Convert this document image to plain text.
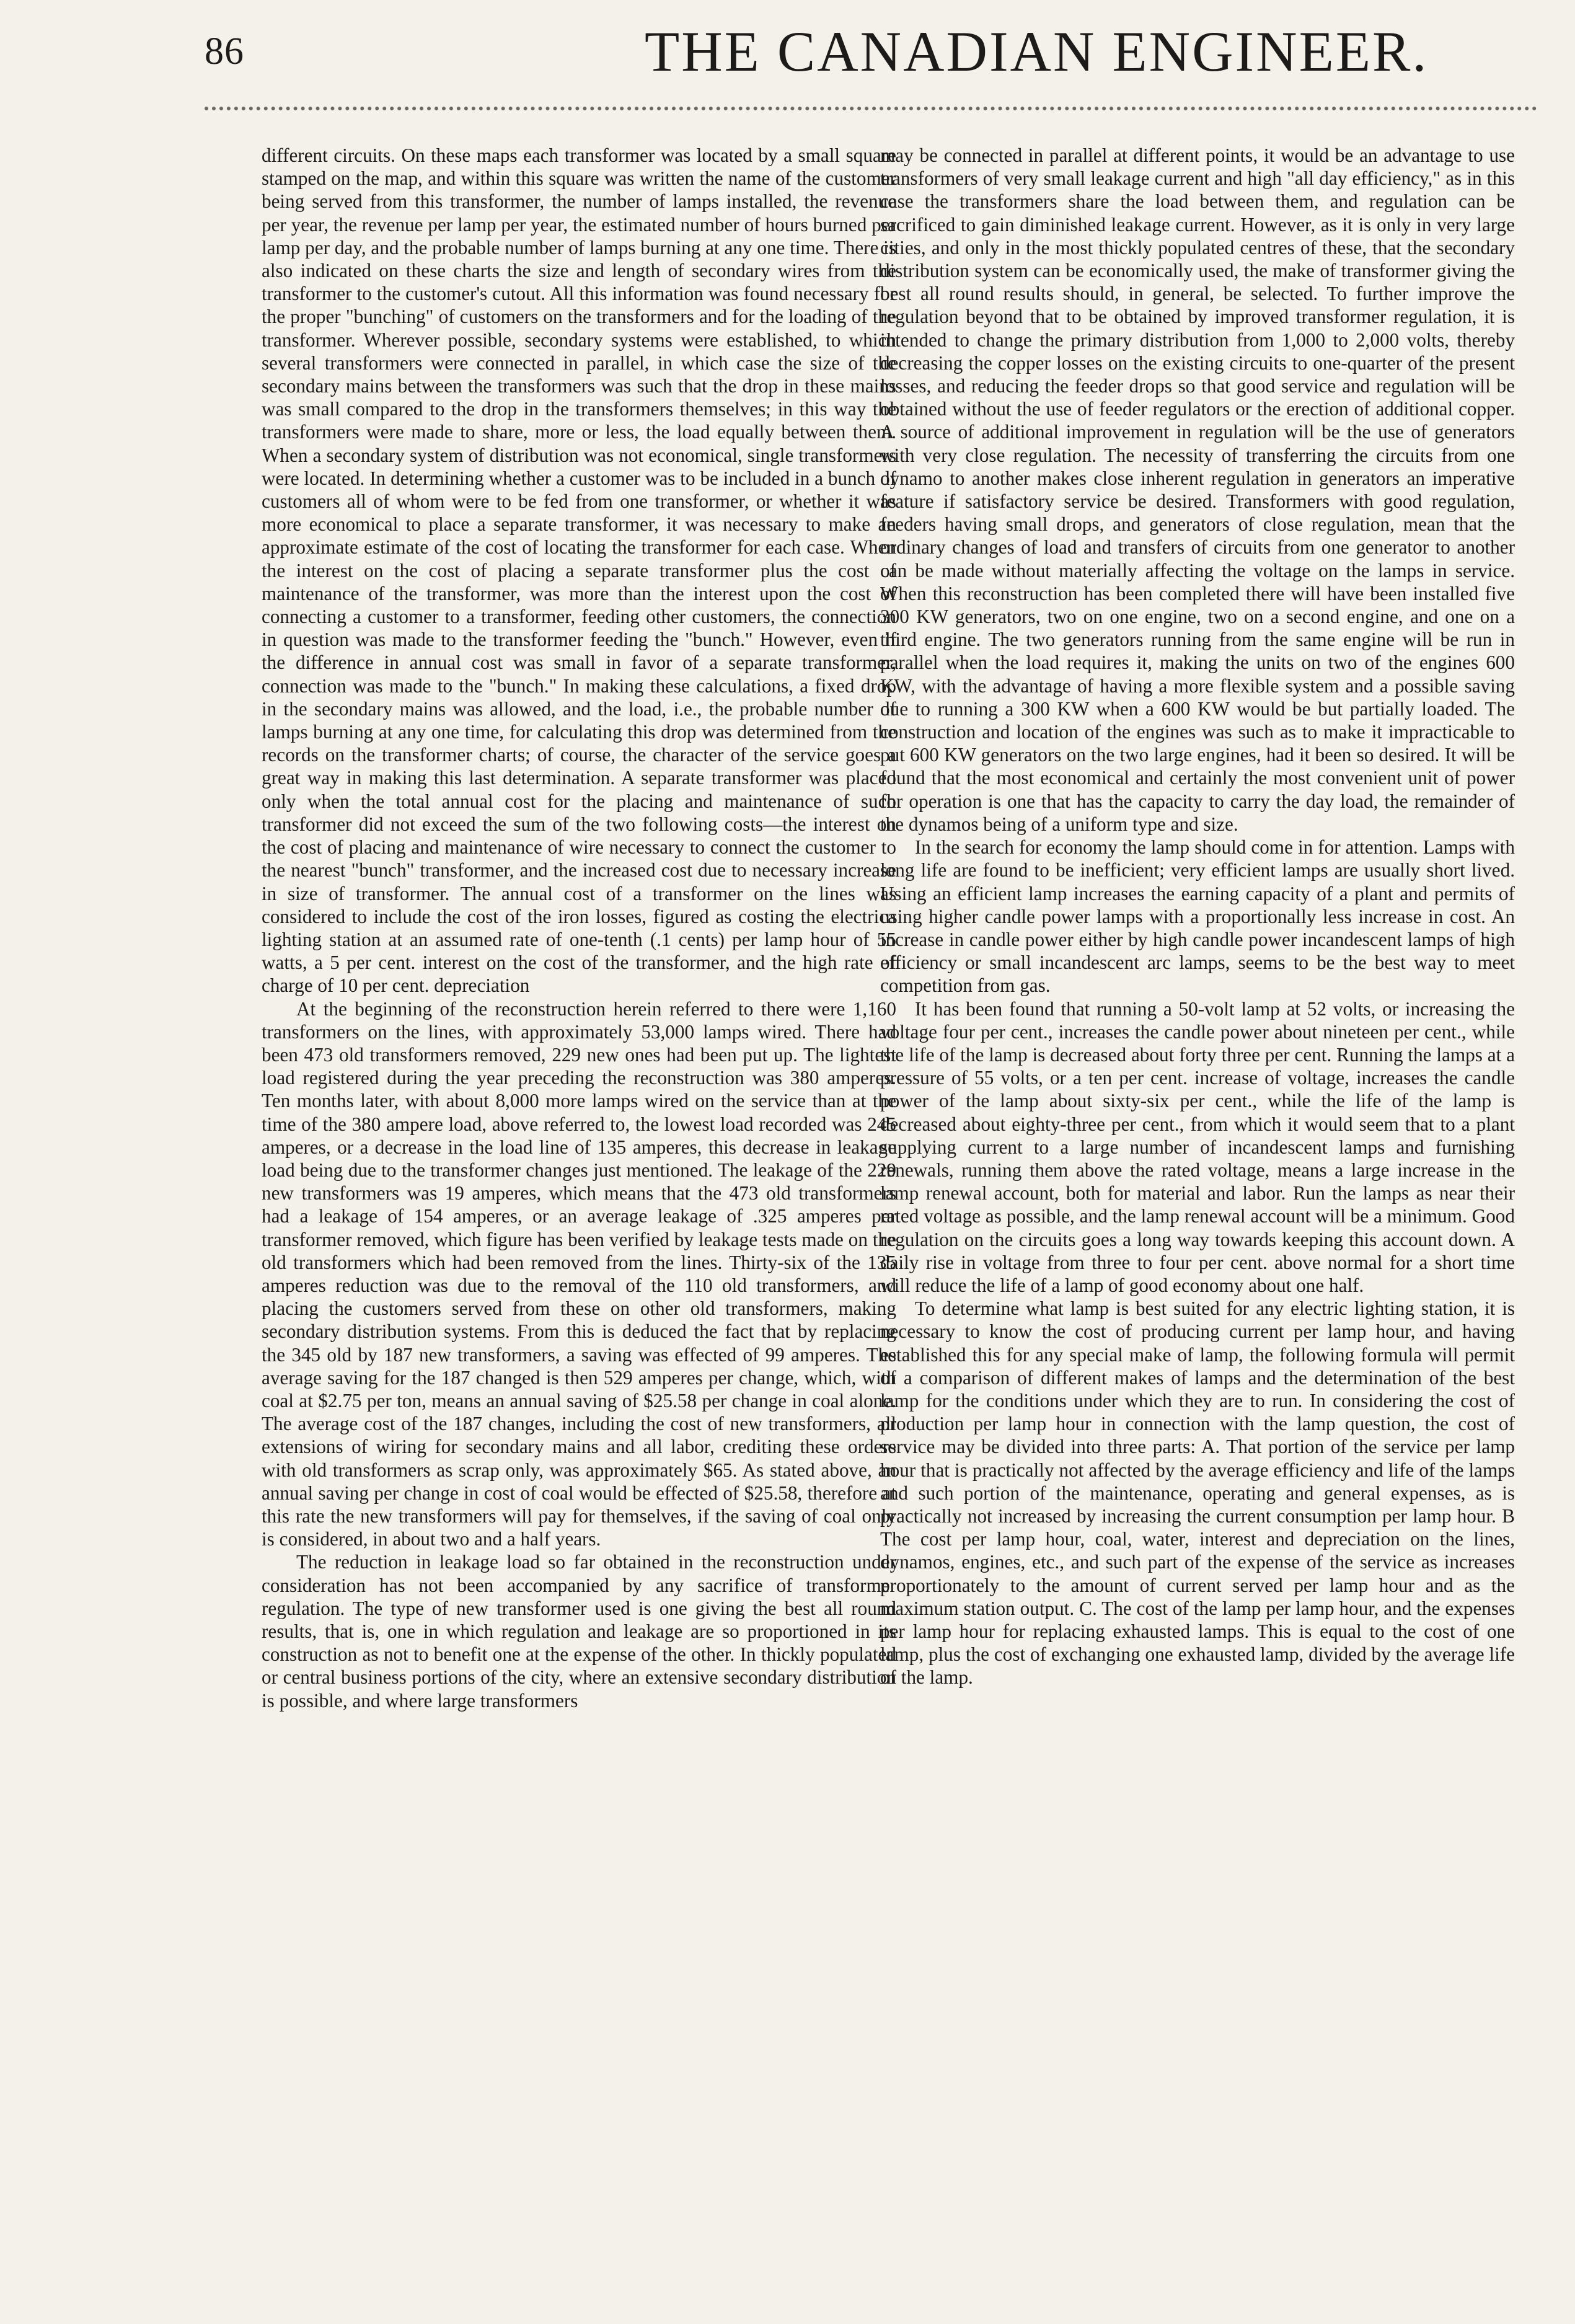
86	THE CANADIAN ENGINEER.

different circuits. On these maps each transformer was located by a small square stamped on the map, and within this square was written the name of the customer being served from this transformer, the number of lamps installed, the revenue per year, the revenue per lamp per year, the estimated number of hours burned per lamp per day, and the probable number of lamps burning at any one time. There is also indicated on these charts the size and length of secondary wires from the transformer to the customer's cutout. All this information was found necessary for the proper "bunching" of customers on the transformers and for the loading of the transformer. Wherever possible, secondary systems were established, to which several transformers were connected in parallel, in which case the size of the secondary mains between the transformers was such that the drop in these mains was small compared to the drop in the transformers themselves; in this way the transformers were made to share, more or less, the load equally between them. When a secondary system of distribution was not economical, single transformers were located. In determining whether a customer was to be included in a bunch of customers all of whom were to be fed from one transformer, or whether it was more economical to place a separate transformer, it was necessary to make an approximate estimate of the cost of locating the transformer for each case. When the interest on the cost of placing a separate transformer plus the cost of maintenance of the transformer, was more than the interest upon the cost of connecting a customer to a transformer, feeding other customers, the connection in question was made to the transformer feeding the "bunch." However, even if the difference in annual cost was small in favor of a separate transformer, connection was made to the "bunch." In making these calculations, a fixed drop in the secondary mains was allowed, and the load, i.e., the probable number of lamps burning at any one time, for calculating this drop was determined from the records on the transformer charts; of course, the character of the service goes a great way in making this last determination. A separate transformer was placed only when the total annual cost for the placing and maintenance of such transformer did not exceed the sum of the two following costs—the interest on the cost of placing and maintenance of wire necessary to connect the customer to the nearest "bunch" transformer, and the increased cost due to necessary increase in size of transformer. The annual cost of a transformer on the lines was considered to include the cost of the iron losses, figured as costing the electrica lighting station at an assumed rate of one-tenth (.1 cents) per lamp hour of 55 watts, a 5 per cent. interest on the cost of the transformer, and the high rate of charge of 10 per cent. depreciation

At the beginning of the reconstruction herein referred to there were 1,160 transformers on the lines, with approximately 53,000 lamps wired. There had been 473 old transformers removed, 229 new ones had been put up. The lightest load registered during the year preceding the reconstruction was 380 amperes. Ten months later, with about 8,000 more lamps wired on the service than at the time of the 380 ampere load, above referred to, the lowest load recorded was 245 amperes, or a decrease in the load line of 135 amperes, this decrease in leakage load being due to the transformer changes just mentioned. The leakage of the 229 new transformers was 19 amperes, which means that the 473 old transformers had a leakage of 154 amperes, or an average leakage of .325 amperes per transformer removed, which figure has been verified by leakage tests made on the old transformers which had been removed from the lines. Thirty-six of the 135 amperes reduction was due to the removal of the 110 old transformers, and placing the customers served from these on other old transformers, making secondary distribution systems. From this is deduced the fact that by replacing the 345 old by 187 new transformers, a saving was effected of 99 amperes. The average saving for the 187 changed is then 529 amperes per change, which, with coal at $2.75 per ton, means an annual saving of $25.58 per change in coal alone. The average cost of the 187 changes, including the cost of new transformers, all extensions of wiring for secondary mains and all labor, crediting these orders with old transformers as scrap only, was approximately $65. As stated above, an annual saving per change in cost of coal would be effected of $25.58, therefore at this rate the new transformers will pay for themselves, if the saving of coal only is considered, in about two and a half years.

The reduction in leakage load so far obtained in the reconstruction under consideration has not been accompanied by any sacrifice of transformer regulation. The type of new transformer used is one giving the best all round results, that is, one in which regulation and leakage are so proportioned in its construction as not to benefit one at the expense of the other. In thickly populated or central business portions of the city, where an extensive secondary distribution is possible, and where large transformers

may be connected in parallel at different points, it would be an advantage to use transformers of very small leakage current and high "all day efficiency," as in this case the transformers share the load between them, and regulation can be sacrificed to gain diminished leakage current. However, as it is only in very large cities, and only in the most thickly populated centres of these, that the secondary distribution system can be economically used, the make of transformer giving the best all round results should, in general, be selected. To further improve the regulation beyond that to be obtained by improved transformer regulation, it is intended to change the primary distribution from 1,000 to 2,000 volts, thereby decreasing the copper losses on the existing circuits to one-quarter of the present losses, and reducing the feeder drops so that good service and regulation will be obtained without the use of feeder regulators or the erection of additional copper. A source of additional improvement in regulation will be the use of generators with very close regulation. The necessity of transferring the circuits from one dynamo to another makes close inherent regulation in generators an imperative feature if satisfactory service be desired. Transformers with good regulation, feeders having small drops, and generators of close regulation, mean that the ordinary changes of load and transfers of circuits from one generator to another can be made without materially affecting the voltage on the lamps in service. When this reconstruction has been completed there will have been installed five 300 KW generators, two on one engine, two on a second engine, and one on a third engine. The two generators running from the same engine will be run in parallel when the load requires it, making the units on two of the engines 600 KW, with the advantage of having a more flexible system and a possible saving due to running a 300 KW when a 600 KW would be but partially loaded. The construction and location of the engines was such as to make it impracticable to put 600 KW generators on the two large engines, had it been so desired. It will be found that the most economical and certainly the most convenient unit of power for operation is one that has the capacity to carry the day load, the remainder of the dynamos being of a uniform type and size.

In the search for economy the lamp should come in for attention. Lamps with long life are found to be inefficient; very efficient lamps are usually short lived. Using an efficient lamp increases the earning capacity of a plant and permits of using higher candle power lamps with a proportionally less increase in cost. An increase in candle power either by high candle power incandescent lamps of high efficiency or small incandescent arc lamps, seems to be the best way to meet competition from gas.

It has been found that running a 50-volt lamp at 52 volts, or increasing the voltage four per cent., increases the candle power about nineteen per cent., while the life of the lamp is decreased about forty three per cent. Running the lamps at a pressure of 55 volts, or a ten per cent. increase of voltage, increases the candle power of the lamp about sixty-six per cent., while the life of the lamp is decreased about eighty-three per cent., from which it would seem that to a plant supplying current to a large number of incandescent lamps and furnishing renewals, running them above the rated voltage, means a large increase in the lamp renewal account, both for material and labor. Run the lamps as near their rated voltage as possible, and the lamp renewal account will be a minimum. Good regulation on the circuits goes a long way towards keeping this account down. A daily rise in voltage from three to four per cent. above normal for a short time will reduce the life of a lamp of good economy about one half.

To determine what lamp is best suited for any electric lighting station, it is necessary to know the cost of producing current per lamp hour, and having established this for any special make of lamp, the following formula will permit of a comparison of different makes of lamps and the determination of the best lamp for the conditions under which they are to run. In considering the cost of production per lamp hour in connection with the lamp question, the cost of service may be divided into three parts: A. That portion of the service per lamp hour that is practically not affected by the average efficiency and life of the lamps and such portion of the maintenance, operating and general expenses, as is practically not increased by increasing the current consumption per lamp hour. B The cost per lamp hour, coal, water, interest and depreciation on the lines, dynamos, engines, etc., and such part of the expense of the service as increases proportionately to the amount of current served per lamp hour and as the maximum station output. C. The cost of the lamp per lamp hour, and the expenses per lamp hour for replacing exhausted lamps. This is equal to the cost of one lamp, plus the cost of exchanging one exhausted lamp, divided by the average life of the lamp.
